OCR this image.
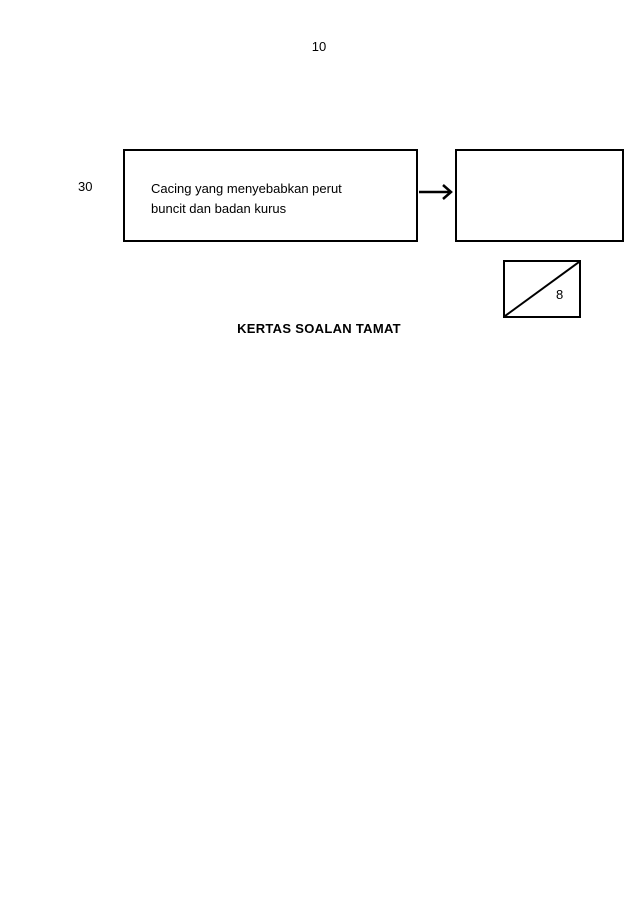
10
30	Cacing yang menyebabkan perut
buncit dan badan kurus
8
KERTAS SOALAN TAMAT
